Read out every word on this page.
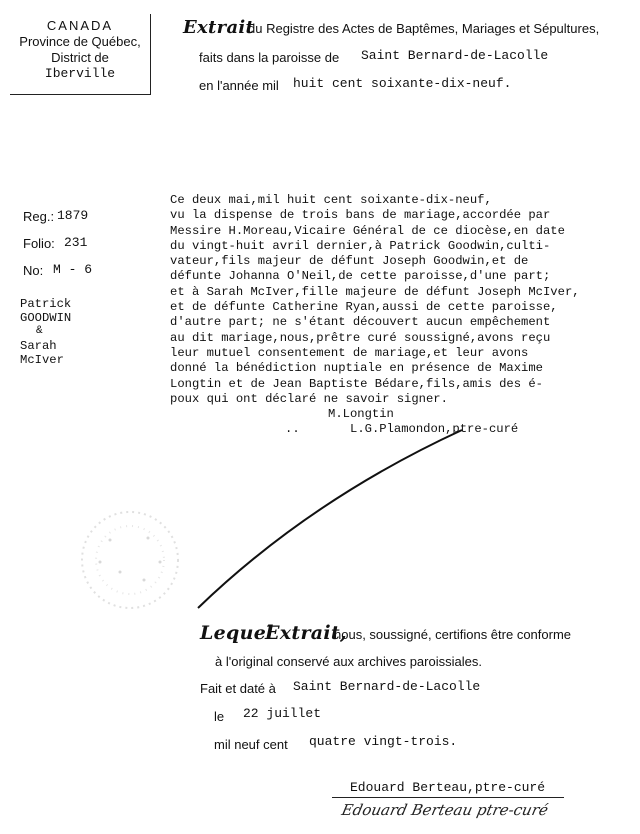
CANADA
Province de Québec,
District de
Iberville
Extrait
du Registre des Actes de Baptêmes, Mariages et Sépultures,
faits dans la paroisse de Saint Bernard-de-Lacolle
en l'année mil huit cent soixante-dix-neuf.
Reg.: 1879
Folio: 231
No: M - 6
Patrick
GOODWIN
&
Sarah
McIver
Ce deux mai,mil huit cent soixante-dix-neuf,
vu la dispense de trois bans de mariage,accordée par
Messire H.Moreau,Vicaire Général de ce diocèse,en date
du vingt-huit avril dernier,à Patrick Goodwin,culti-
vateur,fils majeur de défunt Joseph Goodwin,et de
défunte Johanna O'Neil,de cette paroisse,d'une part;
et à Sarah McIver,fille majeure de défunt Joseph McIver,
et de défunte Catherine Ryan,aussi de cette paroisse,
d'autre part; ne s'étant découvert aucun empêchement
au dit mariage,nous,prêtre curé soussigné,avons reçu
leur mutuel consentement de mariage,et leur avons
donné la bénédiction nuptiale en présence de Maxime
Longtin et de Jean Baptiste Bédare,fils,amis des é-
poux qui ont déclaré ne savoir signer.
M.Longtin
..	L.G.Plamondon,ptre-curé
Lequel
Extrait,
nous, soussigné, certifions être conforme
à l'original conservé aux archives paroissiales.
Fait et daté à Saint Bernard-de-Lacolle
le 22 juillet
mil neuf cent quatre vingt-trois.
Edouard Berteau,ptre-curé
Edouard Berteau ptre-curé
